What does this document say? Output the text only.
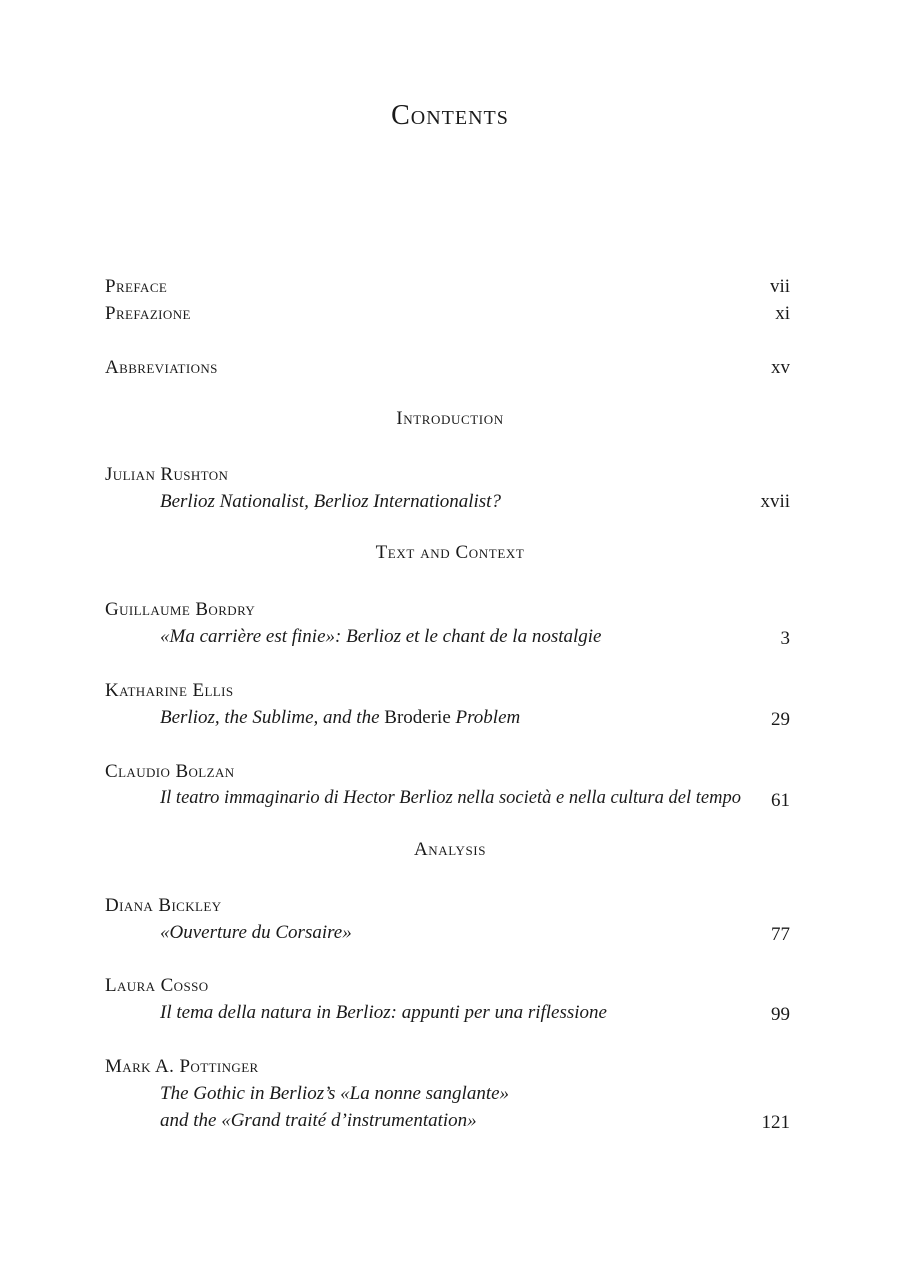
Contents
Preface	vii
Prefazione	xi
Abbreviations	xv
Introduction
Julian Rushton
Berlioz Nationalist, Berlioz Internationalist?	xvii
Text and Context
Guillaume Bordry
«Ma carrière est finie»: Berlioz et le chant de la nostalgie	3
Katharine Ellis
Berlioz, the Sublime, and the Broderie Problem	29
Claudio Bolzan
Il teatro immaginario di Hector Berlioz nella società e nella cultura del tempo 61
Analysis
Diana Bickley
«Ouverture du Corsaire»	77
Laura Cosso
Il tema della natura in Berlioz: appunti per una riflessione	99
Mark A. Pottinger
The Gothic in Berlioz’s «La nonne sanglante»
and the «Grand traité d’instrumentation»	121
